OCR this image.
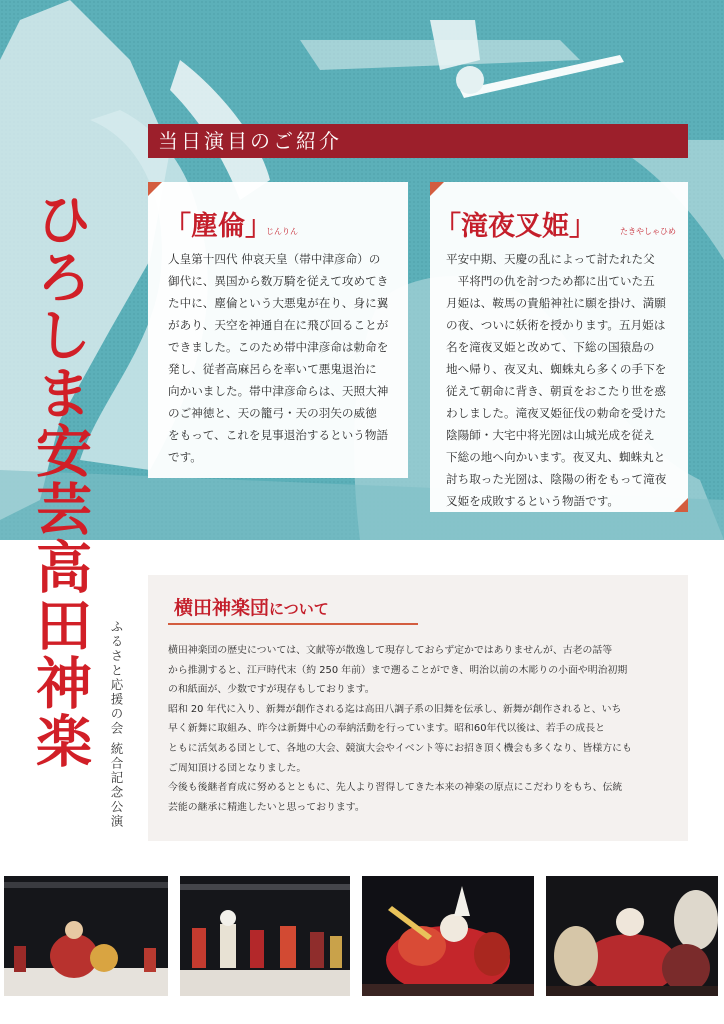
当日演目のご紹介
「塵倫」
じんりん
人皇第十四代 仲哀天皇（帯中津彦命）の
御代に、異国から数万騎を従えて攻めてき
た中に、塵倫という大悪鬼が在り、身に翼
があり、天空を神通自在に飛び回ることが
できました。このため帯中津彦命は勅命を
発し、従者高麻呂らを率いて悪鬼退治に
向かいました。帯中津彦命らは、天照大神
のご神徳と、天の籠弓・天の羽矢の威徳
をもって、これを見事退治するという物語
です。
「滝夜叉姫」	たきやしゃひめ
平安中期、天慶の乱によって討たれた父
　平将門の仇を討つため都に出ていた五
月姫は、鞍馬の貴船神社に願を掛け、満願
の夜、ついに妖術を授かります。五月姫は
名を滝夜叉姫と改めて、下総の国猿島の
地へ帰り、夜叉丸、蜘蛛丸ら多くの手下を
従えて朝命に背き、朝貢をおこたり世を惑
わしました。滝夜叉姫征伐の勅命を受けた
陰陽師・大宅中将光圀は山城光成を従え
下総の地へ向かいます。夜叉丸、蜘蛛丸と
討ち取った光圀は、陰陽の術をもって滝夜
叉姫を成敗するという物語です。
ひろしま安芸高田神楽 ふるさと応援の会 統合記念公演
横田神楽団について
横田神楽団の歴史については、文献等が散逸して現存しておらず定かではありませんが、古老の話等
から推測すると、江戸時代末（約 250 年前）まで遡ることができ、明治以前の木彫りの小面や明治初期
の和紙面が、少数ですが現存もしております。
昭和 20 年代に入り、新舞が創作される迄は高田八調子系の旧舞を伝承し、新舞が創作されると、いち
早く新舞に取組み、昨今は新舞中心の奉納活動を行っています。昭和60年代以後は、若手の成長と
ともに活気ある団として、各地の大会、競演大会やイベント等にお招き頂く機会も多くなり、皆様方にも
ご周知頂ける団となりました。
今後も後継者育成に努めるとともに、先人より習得してきた本来の神楽の原点にこだわりをもち、伝統
芸能の継承に精進したいと思っております。
